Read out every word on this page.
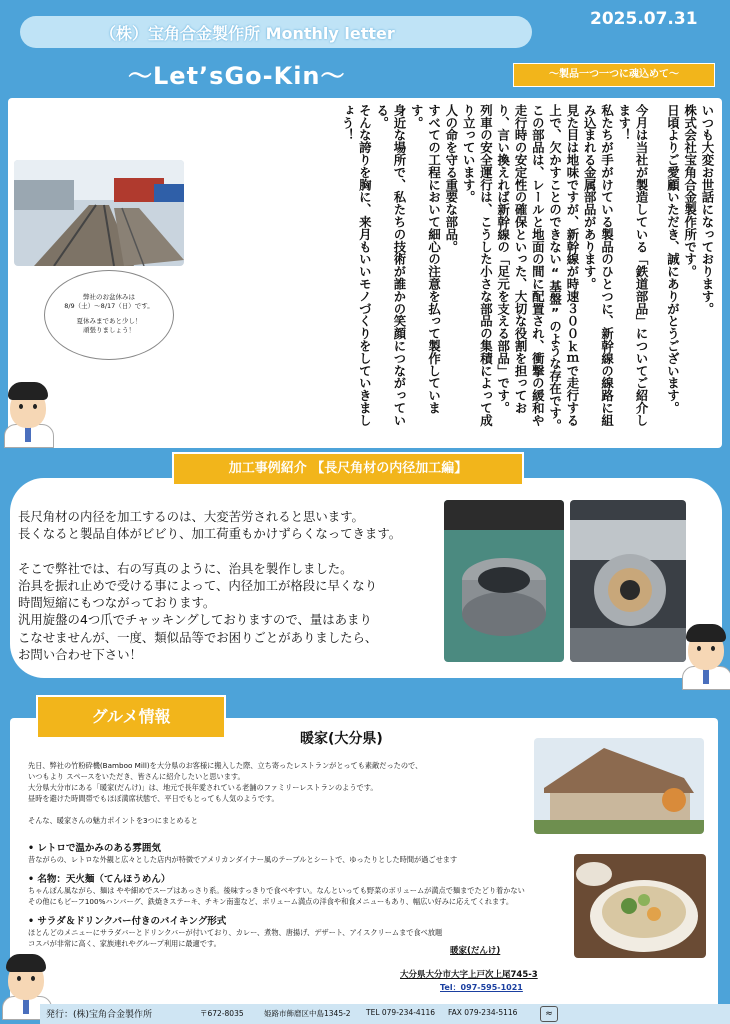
（株）宝角合金製作所 Monthly letter
2025.07.31
～Let’sGo-Kin～	～製品一つ一つに魂込めて～
いつも大変お世話になっております。
株式会社宝角合金製作所です。
日頃よりご愛顧いただき、誠にありがとうございます。
今月は当社が製造している「鉄道部品」についてご紹介します！
私たちが手がけている製品のひとつに、新幹線の線路に組み込まれる金属部品があります。
見た目は地味ですが、新幹線が時速３００ｋｍで走行する上で、欠かすことのできない“基盤”のような存在です。
この部品は、レールと地面の間に配置され、衝撃の緩和や走行時の安定性の確保といった、大切な役割を担っており、言い換えれば新幹線の「足元を支える部品」です。
列車の安全運行は、こうした小さな部品の集積によって成り立っています。
人の命を守る重要な部品。
すべての工程において細心の注意を払って製作しています。
身近な場所で、私たちの技術が誰かの笑顔につながっている。
そんな誇りを胸に、来月もいいモノづくりをしていきましょう！
弊社のお盆休みは
8/9（土）～8/17（日）です。
夏休みまであと少し！
頑張りましょう！
加工事例紹介 【長尺角材の内径加工編】
長尺角材の内径を加工するのは、大変苦労されると思います。
長くなると製品自体がビビり、加工荷重もかけずらくなってきます。
そこで弊社では、右の写真のように、治具を製作しました。
治具を振れ止めで受ける事によって、内径加工が格段に早くなり
時間短縮にもつながっております。
汎用旋盤の4つ爪でチャッキングしておりますので、量はあまり
こなせませんが、一度、類似品等でお困りごとがありましたら、
お問い合わせ下さい！
グルメ情報
暖家(大分県)
先日、弊社の竹粉砕機(Bamboo Mill)を大分県のお客様に搬入した際、立ち寄ったレストランがとっても素敵だったので、
いつもより スペースをいただき、皆さんに紹介したいと思います。
大分県大分市にある「暖家(だんけ)」は、地元で長年愛されている老舗のファミリーレストランのようです。
昼時を避けた時間帯でもほぼ満席状態で、平日でもとっても人気のようです。
そんな、暖家さんの魅力ポイントを3つにまとめると
• レトロで温かみのある雰囲気
昔ながらの、レトロな外観と広々とした店内が特徴でアメリカンダイナー風のテーブルとシートで、ゆったりとした時間が過ごせます
• 名物：天火麺（てんほうめん）
ちゃんぽん風ながら、麺は やや細めでスープはあっさり系。後味すっきりで食べやすい。なんといっても野菜のボリュームが満点で麺までたどり着かない
その他にもビーフ100%ハンバーグ、鉄焼きステーキ、チキン南蛮など、ボリューム満点の洋食や和食メニューもあり、幅広い好みに応えてくれます。
• サラダ＆ドリンクバー付きのバイキング形式
ほとんどのメニューにサラダバーとドリンクバーが付いており、カレー、煮物、唐揚げ、デザート、アイスクリームまで食べ放題
コスパが非常に高く、家族連れやグループ利用に最適です。
暖家(だんけ)
大分県大分市大字上戸次上尾745-3
Tel：097-595-1021
発行：(株)宝角合金製作所	〒672-8035	姫路市飾磨区中島1345-2 TEL 079-234-4116 FAX 079-234-5116	≈
